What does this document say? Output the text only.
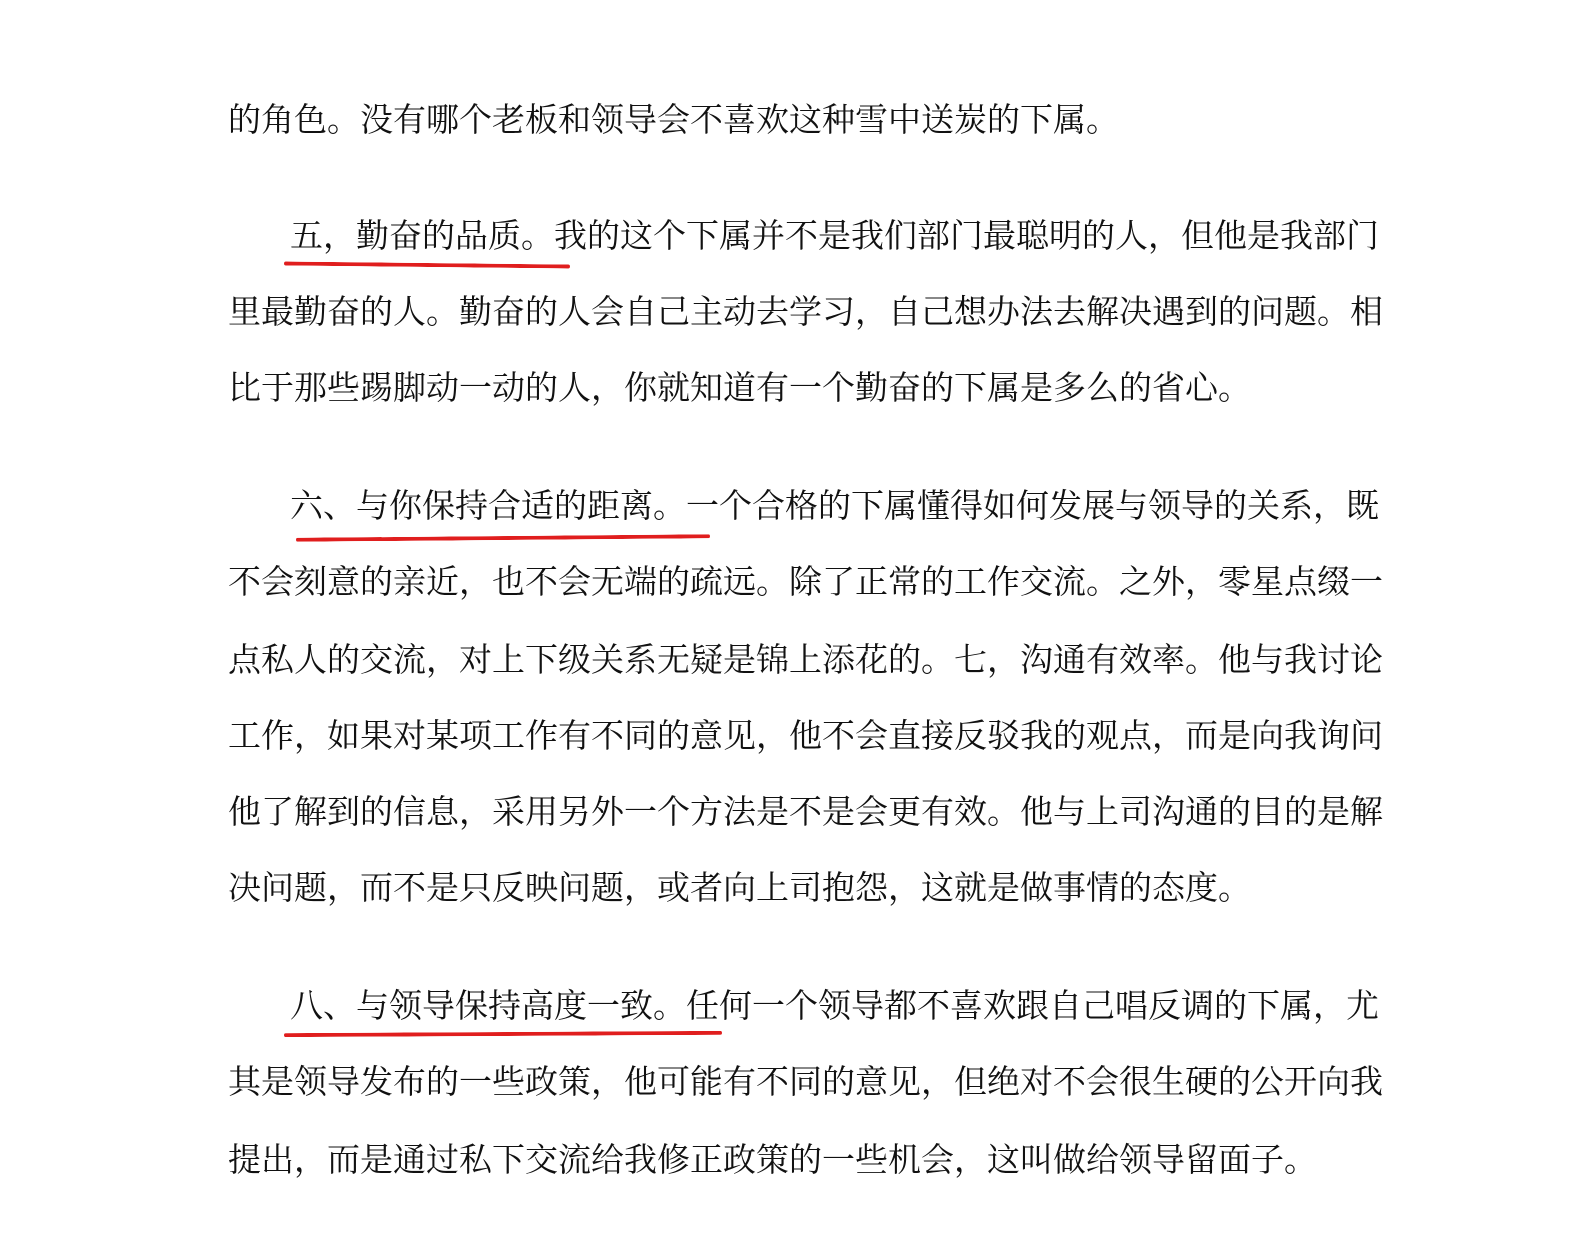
的角色。没有哪个老板和领导会不喜欢这种雪中送炭的下属。
五，勤奋的品质。我的这个下属并不是我们部门最聪明的人，但他是我部门
里最勤奋的人。勤奋的人会自己主动去学习，自己想办法去解决遇到的问题。相
比于那些踢脚动一动的人，你就知道有一个勤奋的下属是多么的省心。
六、与你保持合适的距离。一个合格的下属懂得如何发展与领导的关系，既
不会刻意的亲近，也不会无端的疏远。除了正常的工作交流。之外，零星点缀一
点私人的交流，对上下级关系无疑是锦上添花的。七，沟通有效率。他与我讨论
工作，如果对某项工作有不同的意见，他不会直接反驳我的观点，而是向我询问
他了解到的信息，采用另外一个方法是不是会更有效。他与上司沟通的目的是解
决问题，而不是只反映问题，或者向上司抱怨，这就是做事情的态度。
八、与领导保持高度一致。任何一个领导都不喜欢跟自己唱反调的下属，尤
其是领导发布的一些政策，他可能有不同的意见，但绝对不会很生硬的公开向我
提出，而是通过私下交流给我修正政策的一些机会，这叫做给领导留面子。
